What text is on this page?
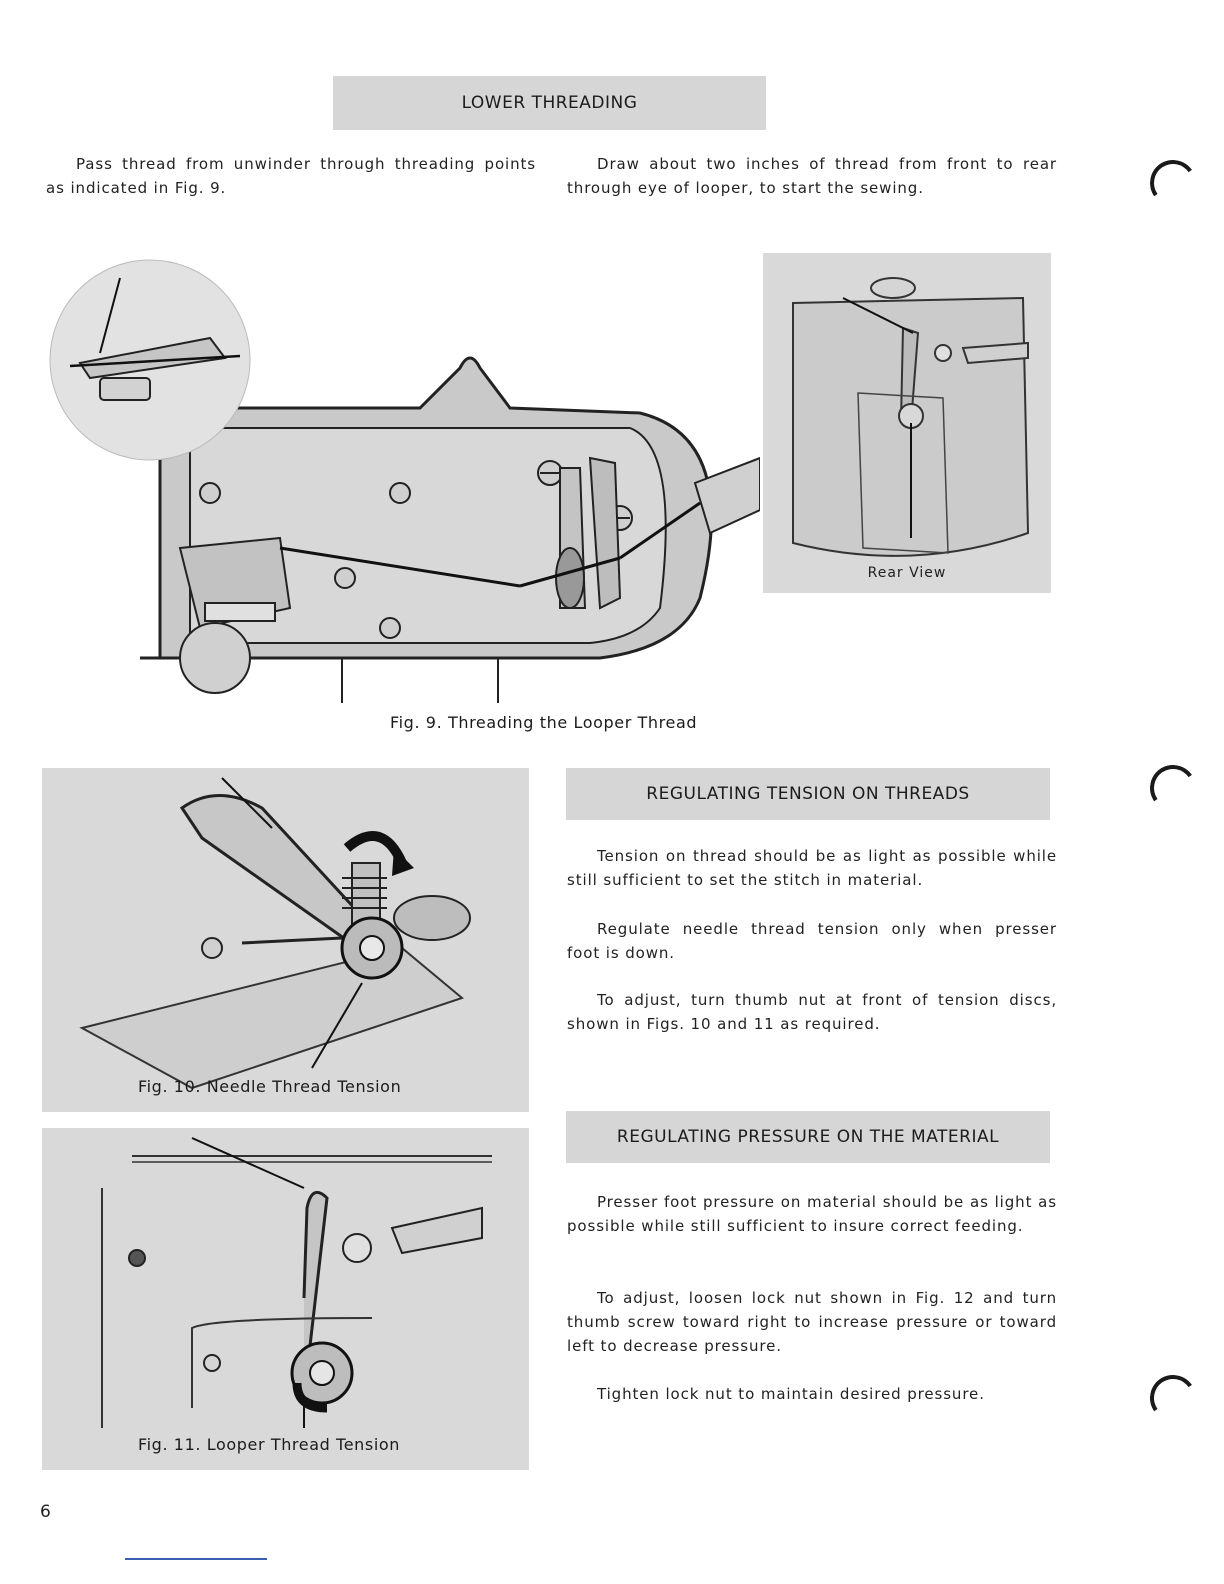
LOWER THREADING

Pass thread from unwinder through threading points as indicated in Fig. 9.

Draw about two inches of thread from front to rear through eye of looper, to start the sewing.

Rear View
Fig. 9. Threading the Looper Thread
Fig. 10. Needle Thread Tension
Fig. 11. Looper Thread Tension
REGULATING TENSION ON THREADS

Tension on thread should be as light as possible while still sufficient to set the stitch in material.

Regulate needle thread tension only when presser foot is down.

To adjust, turn thumb nut at front of tension discs, shown in Figs. 10 and 11 as required.

REGULATING PRESSURE ON THE MATERIAL

Presser foot pressure on material should be as light as possible while still sufficient to insure correct feeding.

To adjust, loosen lock nut shown in Fig. 12 and turn thumb screw toward right to increase pressure or toward left to decrease pressure.

Tighten lock nut to maintain desired pressure.

6
